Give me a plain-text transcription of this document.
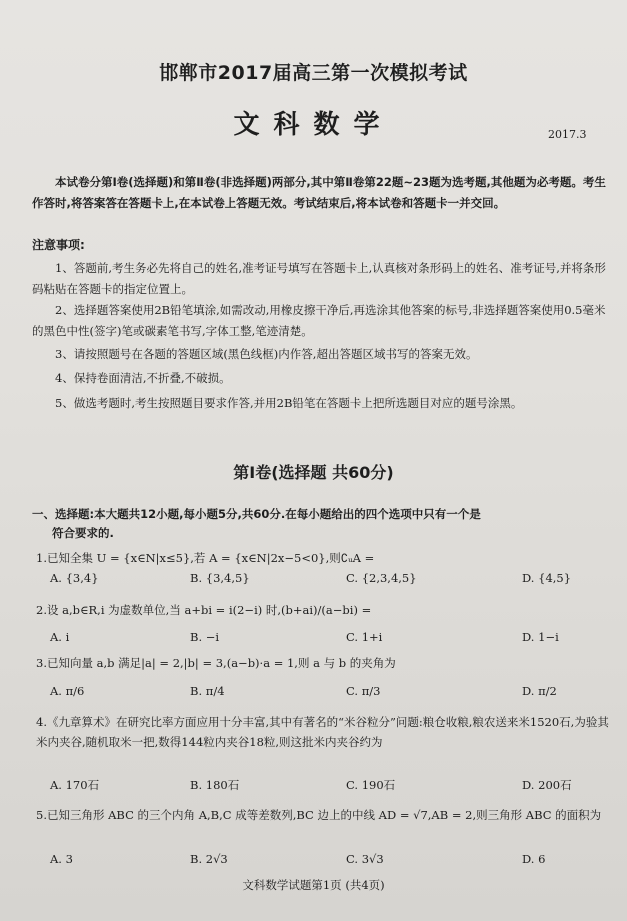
邯郸市2017届高三第一次模拟考试
文科数学	2017.3
本试卷分第Ⅰ卷(选择题)和第Ⅱ卷(非选择题)两部分,其中第Ⅱ卷第22题~23题为选考题,其他题为必考题。考生作答时,将答案答在答题卡上,在本试卷上答题无效。考试结束后,将本试卷和答题卡一并交回。
注意事项:
1、答题前,考生务必先将自己的姓名,准考证号填写在答题卡上,认真核对条形码上的姓名、准考证号,并将条形码粘贴在答题卡的指定位置上。
2、选择题答案使用2B铅笔填涂,如需改动,用橡皮擦干净后,再选涂其他答案的标号,非选择题答案使用0.5毫米的黑色中性(签字)笔或碳素笔书写,字体工整,笔迹清楚。
3、请按照题号在各题的答题区域(黑色线框)内作答,超出答题区域书写的答案无效。
4、保持卷面清洁,不折叠,不破损。
5、做选考题时,考生按照题目要求作答,并用2B铅笔在答题卡上把所选题目对应的题号涂黑。
第Ⅰ卷(选择题 共60分)
一、选择题:本大题共12小题,每小题5分,共60分.在每小题给出的四个选项中只有一个是
符合要求的.
1.已知全集 U = {x∈N|x≤5},若 A = {x∈N|2x−5<0},则∁ᵤA =
A. {3,4}	B. {3,4,5}	C. {2,3,4,5}	D. {4,5}
2.设 a,b∈R,i 为虚数单位,当 a+bi = i(2−i) 时,(b+ai)/(a−bi) =
A. i	B. −i	C. 1+i	D. 1−i
3.已知向量 a,b 满足|a| = 2,|b| = 3,(a−b)·a = 1,则 a 与 b 的夹角为
A. π/6	B. π/4	C. π/3	D. π/2
4.《九章算术》在研究比率方面应用十分丰富,其中有著名的“米谷粒分”问题:粮仓收粮,粮农送来米1520石,为验其米内夹谷,随机取米一把,数得144粒内夹谷18粒,则这批米内夹谷约为
A. 170石	B. 180石	C. 190石	D. 200石
5.已知三角形 ABC 的三个内角 A,B,C 成等差数列,BC 边上的中线 AD = √7,AB = 2,则三角形 ABC 的面积为
A. 3	B. 2√3	C. 3√3	D. 6
文科数学试题第1页 (共4页)
